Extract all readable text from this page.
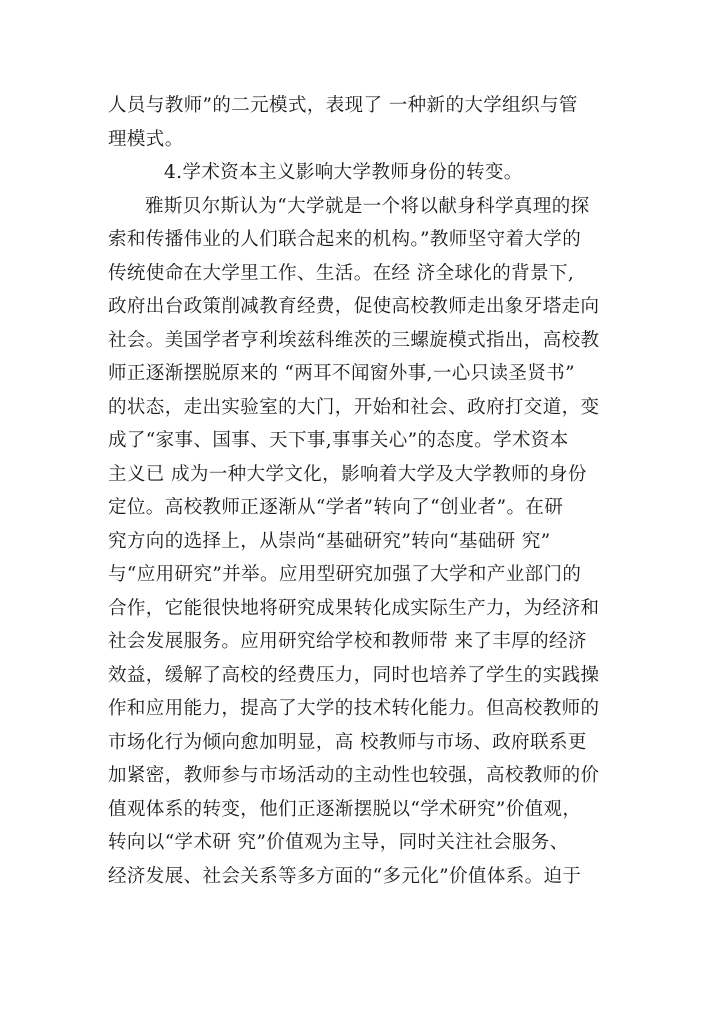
人员与教师”的二元模式，表现了 一种新的大学组织与管
理模式。
4.学术资本主义影响大学教师身份的转变。
雅斯贝尔斯认为“大学就是一个将以献身科学真理的探
索和传播伟业的人们联合起来的机构。”教师坚守着大学的
传统使命在大学里工作、生活。在经 济全球化的背景下,
政府出台政策削减教育经费，促使高校教师走出象牙塔走向
社会。美国学者亨利埃兹科维茨的三螺旋模式指出，高校教
师正逐渐摆脱原来的 “两耳不闻窗外事,一心只读圣贤书”
的状态，走出实验室的大门，开始和社会、政府打交道，变
成了“家事、国事、天下事,事事关心”的态度。学术资本
主义已 成为一种大学文化，影响着大学及大学教师的身份
定位。高校教师正逐渐从“学者”转向了“创业者”。在研
究方向的选择上，从崇尚“基础研究”转向“基础研 究”
与“应用研究”并举。应用型研究加强了大学和产业部门的
合作，它能很快地将研究成果转化成实际生产力，为经济和
社会发展服务。应用研究给学校和教师带 来了丰厚的经济
效益，缓解了高校的经费压力，同时也培养了学生的实践操
作和应用能力，提高了大学的技术转化能力。但高校教师的
市场化行为倾向愈加明显，高 校教师与市场、政府联系更
加紧密，教师参与市场活动的主动性也较强，高校教师的价
值观体系的转变，他们正逐渐摆脱以“学术研究”价值观，
转向以“学术研 究”价值观为主导，同时关注社会服务、
经济发展、社会关系等多方面的“多元化”价值体系。迫于
